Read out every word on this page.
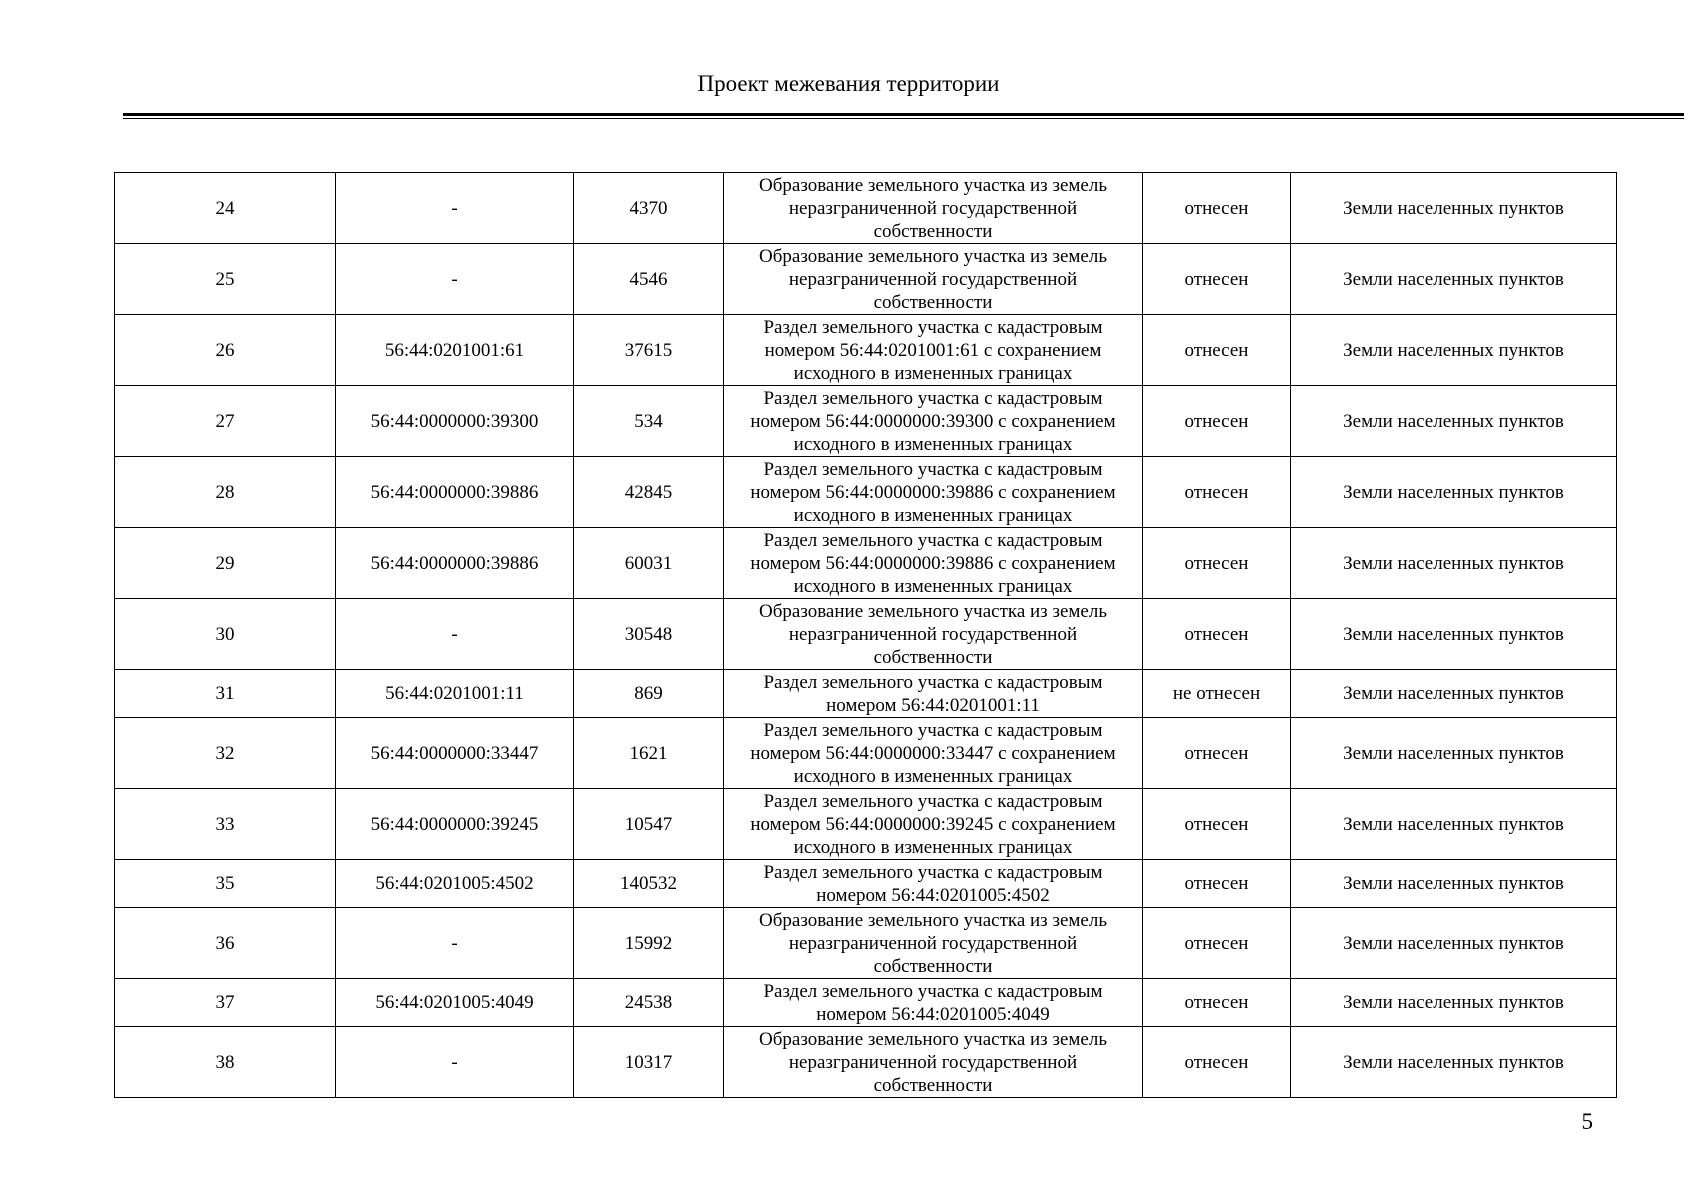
Проект межевания территории
24	-	4370	Образование земельного участка из земель неразграниченной государственной собственности	отнесен	Земли населенных пунктов
25	-	4546	Образование земельного участка из земель неразграниченной государственной собственности	отнесен	Земли населенных пунктов
26	56:44:0201001:61	37615	Раздел земельного участка с кадастровым номером 56:44:0201001:61 с сохранением исходного в измененных границах	отнесен	Земли населенных пунктов
27	56:44:0000000:39300	534	Раздел земельного участка с кадастровым номером 56:44:0000000:39300 с сохранением исходного в измененных границах	отнесен	Земли населенных пунктов
28	56:44:0000000:39886	42845	Раздел земельного участка с кадастровым номером 56:44:0000000:39886 с сохранением исходного в измененных границах	отнесен	Земли населенных пунктов
29	56:44:0000000:39886	60031	Раздел земельного участка с кадастровым номером 56:44:0000000:39886 с сохранением исходного в измененных границах	отнесен	Земли населенных пунктов
30	-	30548	Образование земельного участка из земель неразграниченной государственной собственности	отнесен	Земли населенных пунктов
31	56:44:0201001:11	869	Раздел земельного участка с кадастровым номером 56:44:0201001:11	не отнесен	Земли населенных пунктов
32	56:44:0000000:33447	1621	Раздел земельного участка с кадастровым номером 56:44:0000000:33447 с сохранением исходного в измененных границах	отнесен	Земли населенных пунктов
33	56:44:0000000:39245	10547	Раздел земельного участка с кадастровым номером 56:44:0000000:39245 с сохранением исходного в измененных границах	отнесен	Земли населенных пунктов
35	56:44:0201005:4502	140532	Раздел земельного участка с кадастровым номером 56:44:0201005:4502	отнесен	Земли населенных пунктов
36	-	15992	Образование земельного участка из земель неразграниченной государственной собственности	отнесен	Земли населенных пунктов
37	56:44:0201005:4049	24538	Раздел земельного участка с кадастровым номером 56:44:0201005:4049	отнесен	Земли населенных пунктов
38	-	10317	Образование земельного участка из земель неразграниченной государственной собственности	отнесен	Земли населенных пунктов
5
